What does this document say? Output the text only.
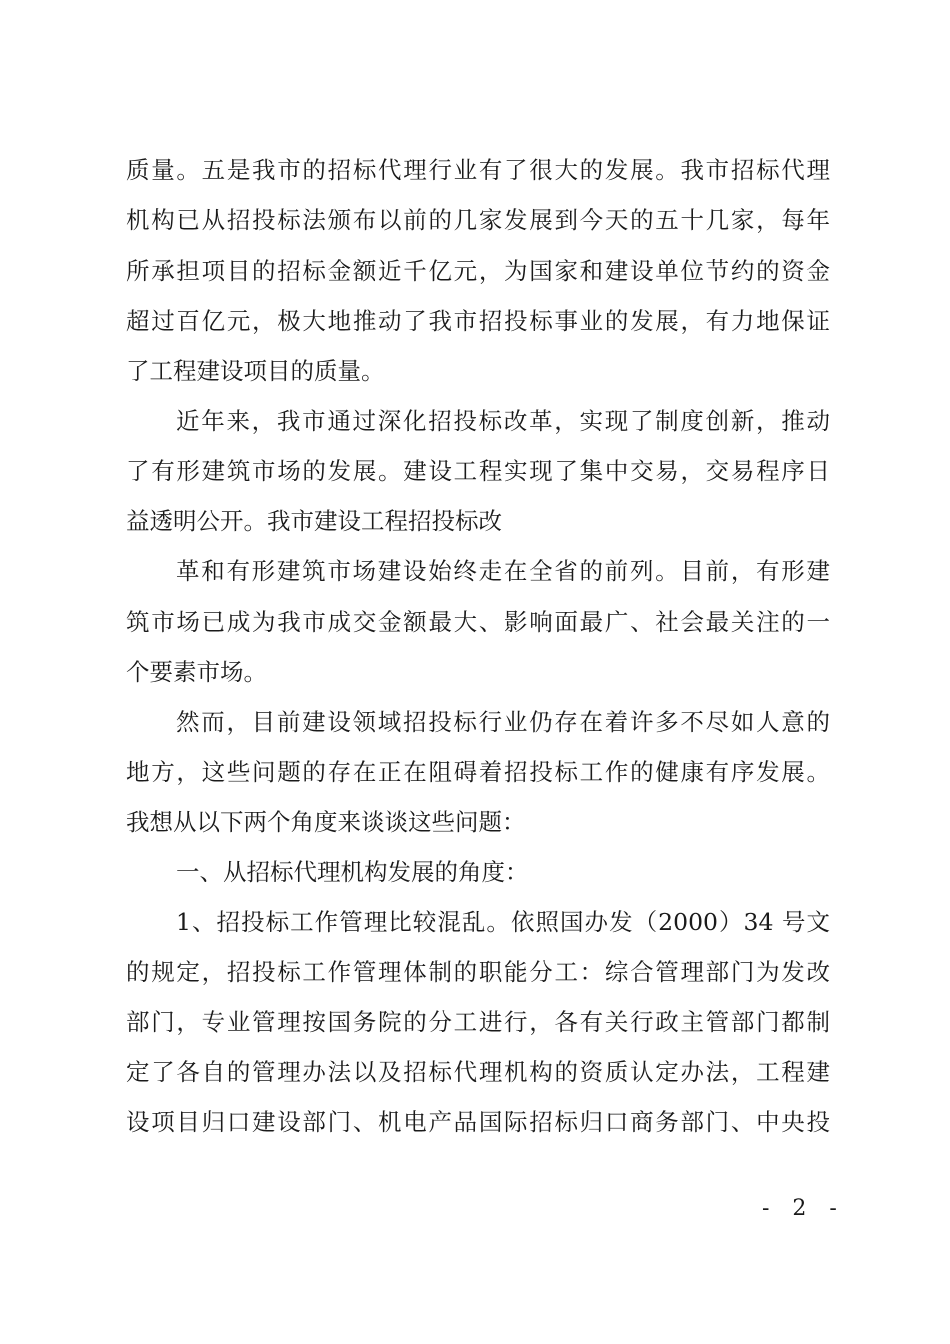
质量。五是我市的招标代理行业有了很大的发展。我市招标代理
机构已从招投标法颁布以前的几家发展到今天的五十几家，每年
所承担项目的招标金额近千亿元，为国家和建设单位节约的资金
超过百亿元，极大地推动了我市招投标事业的发展，有力地保证
了工程建设项目的质量。
近年来，我市通过深化招投标改革，实现了制度创新，推动
了有形建筑市场的发展。建设工程实现了集中交易，交易程序日
益透明公开。我市建设工程招投标改
革和有形建筑市场建设始终走在全省的前列。目前，有形建
筑市场已成为我市成交金额最大、影响面最广、社会最关注的一
个要素市场。
然而，目前建设领域招投标行业仍存在着许多不尽如人意的
地方，这些问题的存在正在阻碍着招投标工作的健康有序发展。
我想从以下两个角度来谈谈这些问题：
一、从招标代理机构发展的角度：
1、招投标工作管理比较混乱。依照国办发（2000）34 号文
的规定，招投标工作管理体制的职能分工：综合管理部门为发改
部门，专业管理按国务院的分工进行，各有关行政主管部门都制
定了各自的管理办法以及招标代理机构的资质认定办法，工程建
设项目归口建设部门、机电产品国际招标归口商务部门、中央投
- 2 -
